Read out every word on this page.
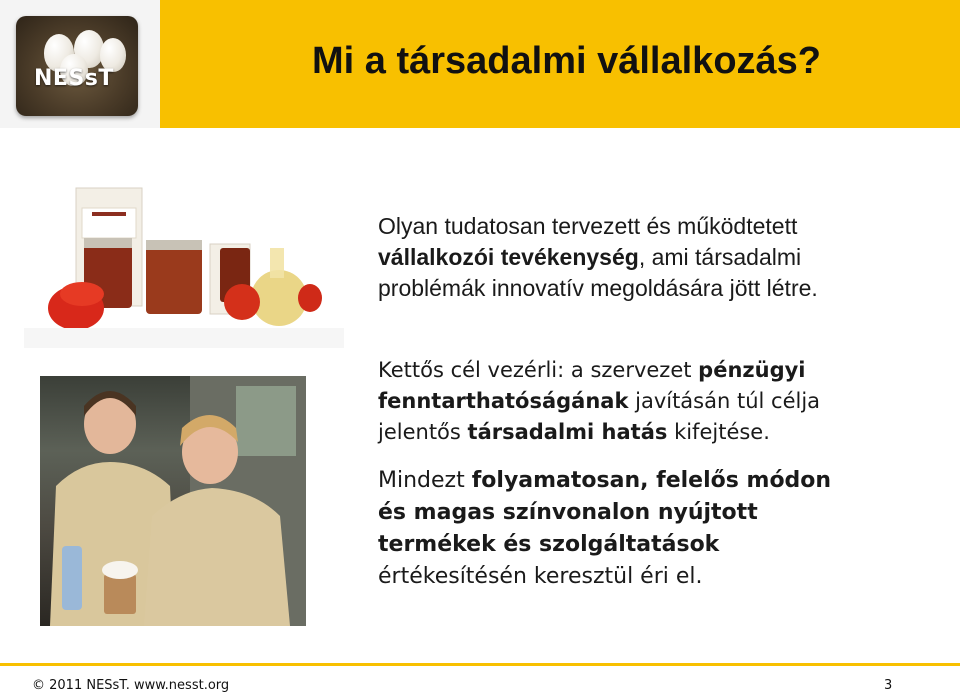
NESsT	Mi a társadalmi vállalkozás?
Olyan tudatosan tervezett és működtetett vállalkozói tevékenység, ami társadalmi problémák innovatív megoldására jött létre.
Kettős cél vezérli: a szervezet pénzügyi fenntarthatóságának javításán túl célja jelentős társadalmi hatás kifejtése.
Mindezt folyamatosan, felelős módon és magas színvonalon nyújtott termékek és szolgáltatások értékesítésén keresztül éri el.
© 2011 NESsT. www.nesst.org	3
